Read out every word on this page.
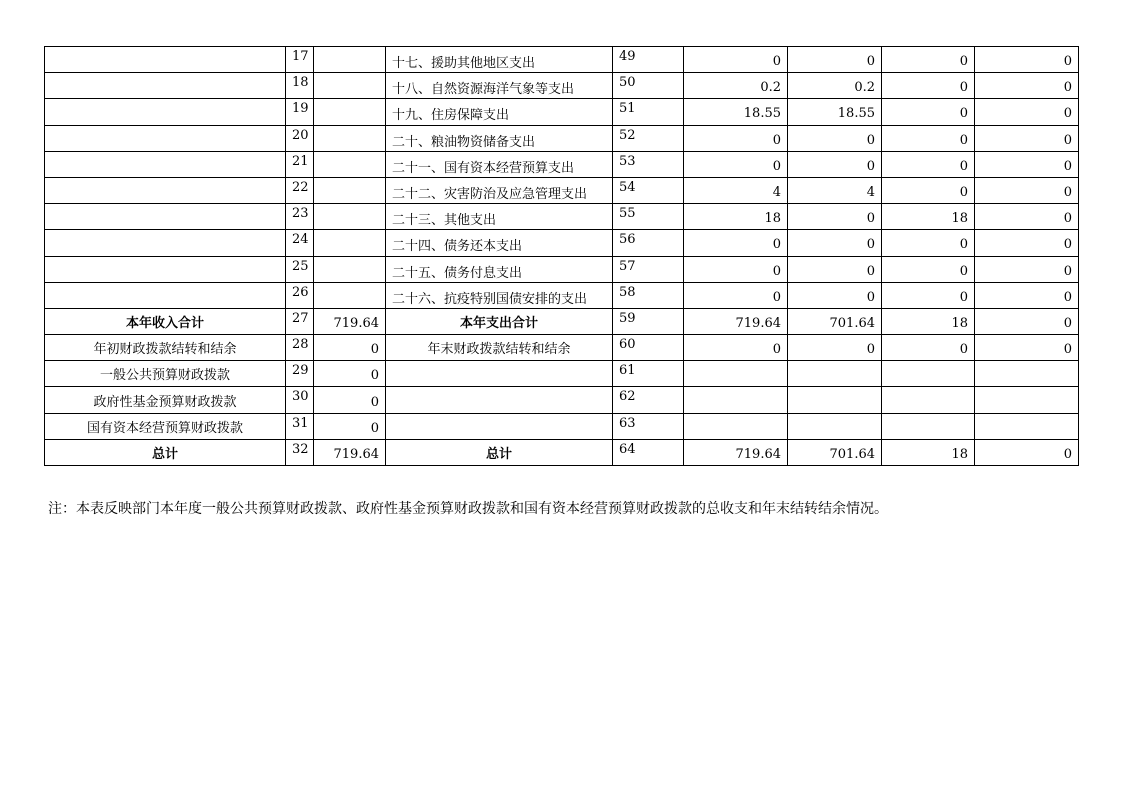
	17		十七、援助其他地区支出	49	0	0	0	0
	18		十八、自然资源海洋气象等支出	50	0.2	0.2	0	0
	19		十九、住房保障支出	51	18.55	18.55	0	0
	20		二十、粮油物资储备支出	52	0	0	0	0
	21		二十一、国有资本经营预算支出	53	0	0	0	0
	22		二十二、灾害防治及应急管理支出	54	4	4	0	0
	23		二十三、其他支出	55	18	0	18	0
	24		二十四、债务还本支出	56	0	0	0	0
	25		二十五、债务付息支出	57	0	0	0	0
	26		二十六、抗疫特别国债安排的支出	58	0	0	0	0
本年收入合计	27	719.64	本年支出合计	59	719.64	701.64	18	0
年初财政拨款结转和结余	28	0	年末财政拨款结转和结余	60	0	0	0	0
一般公共预算财政拨款	29	0		61				
政府性基金预算财政拨款	30	0		62				
国有资本经营预算财政拨款	31	0		63				
总计	32	719.64	总计	64	719.64	701.64	18	0
注：本表反映部门本年度一般公共预算财政拨款、政府性基金预算财政拨款和国有资本经营预算财政拨款的总收支和年末结转结余情况。
